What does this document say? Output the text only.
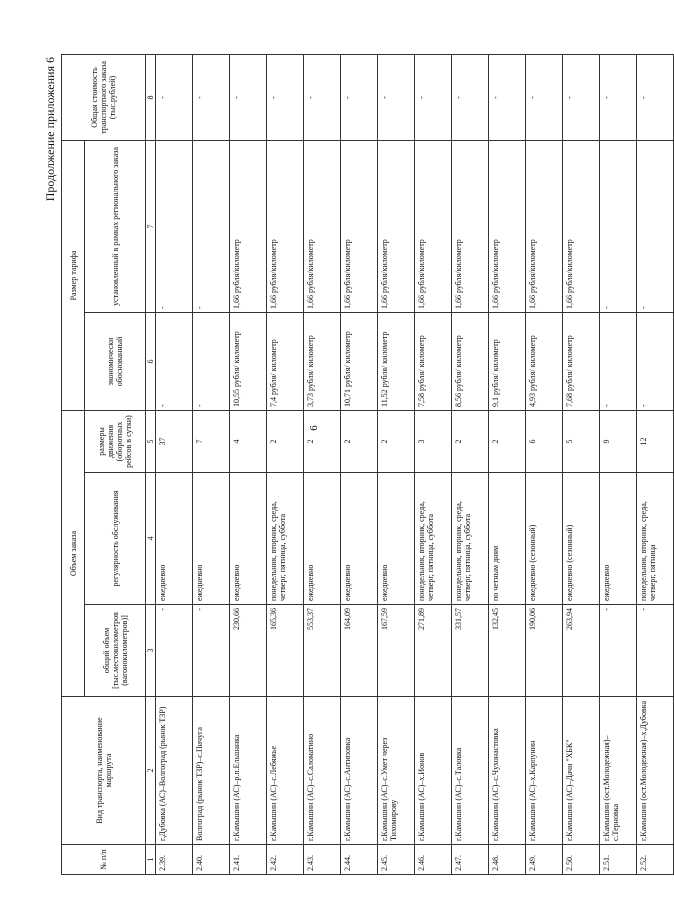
6
Продолжение приложения 6
№ п/п	Вид транспорта, наименование маршрута	Объем заказа			Размер тарифа		Общая стоимость транспортного заказа (тыс.рублей)
		общий объем [тыс.местокилометров (вагонокилометров)]	регулярность обслуживания	размеры движения (оборотных рейсов в сутки)	экономически обоснованный	установленный в рамках регионального заказа	
1	2	3	4	5	6	7	8
2.39.	г.Дубовка (АС)–Волгоград (рынок ТЗР)	-	ежедневно	37	-	-	-
2.40.	Волгоград (рынок ТЗР)–с.Пичуга	-	ежедневно	7	-	-	-
2.41.	г.Камышин (АС)–р.п.Ельшанка	230,66	ежедневно	4	10,55 рубля/ километр	1,66 рубля/километр	-
2.42.	г.Камышин (АС)–с.Лебяжье	165,36	понедельник, вторник, среда, четверг, пятница, суббота	2	7,4 рубля/ километр	1,66 рубля/километр	-
2.43.	г.Камышин (АС)–с.Саломатино	553,37	ежедневно	2	3,73 рубля/ километр	1,66 рубля/километр	-
2.44.	г.Камышин (АС)–с.Антиповка	164,09	ежедневно	2	10,71 рубля/ километр	1,66 рубля/километр	-
2.45.	г.Камышин (АС)–с.Умет через Тихомирову	167,59	ежедневно	2	11,52 рубля/ километр	1,66 рубля/километр	-
2.46.	г.Камышин (АС)–х.Ионов	271,89	понедельник, вторник, среда, четверг, пятница, суббота	3	7,58 рубля/ километр	1,66 рубля/километр	-
2.47.	г.Камышин (АС)–с.Таловка	331,57	понедельник, вторник, среда, четверг, пятница, суббота	2	8,56 рубля/ километр	1,66 рубля/километр	-
2.48.	г.Камышин (АС)–с.Чухонастовка	132,45	по четным дням	2	9,1 рубля/ километр	1,66 рубля/километр	-
2.49.	г.Камышин (АС)–х.Карпунин	190,06	ежедневно (сезонный)	6	4,93 рубля/ километр	1,66 рубля/километр	-
2.50.	г.Камышин (АС)–Дачи "ХБК"	263,94	ежедневно (сезонный)	5	7,68 рубля/ километр	1,66 рубля/километр	-
2.51.	г.Камышин (ост.Молодежная)–с.Терновка	-	ежедневно	9	-	-	-
2.52.	г.Камышин (ост.Молодежная)–х.Дубовка	-	понедельник, вторник, среда, четверг, пятница	12	-	-	-
